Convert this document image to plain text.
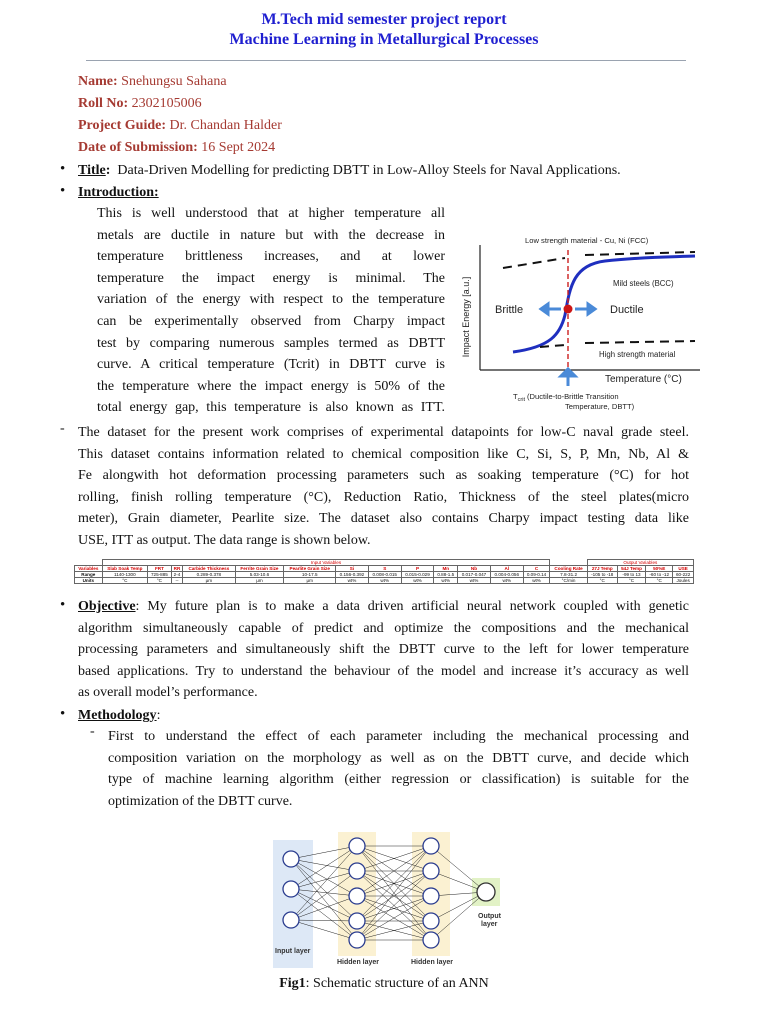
M.Tech mid semester project report
Machine Learning in Metallurgical Processes
Name: Snehungsu Sahana
Roll No: 2302105006
Project Guide: Dr. Chandan Halder
Date of Submission: 16 Sept 2024
• Title: Data-Driven Modelling for predicting DBTT in Low-Alloy Steels for Naval Applications.
• Introduction:
This is well understood that at higher temperature all
metals are ductile in nature but with the decrease in
temperature brittleness increases, and at lower
temperature the impact energy is minimal. The
variation of the energy with respect to the temperature
can be experimentally observed from Charpy impact
test by comparing numerous samples termed as DBTT
curve. A critical temperature (Tcrit) in DBTT curve is
the temperature where the impact energy is 50% of the
total energy gap, this temperature is also known as ITT.
Impact Energy [a.u.]
Low strength material - Cu, Ni (FCC)
Mild steels (BCC)
Brittle	Ductile
High strength material
Temperature (°C)
$T_{crit}$ (Ductile-to-Brittle Transition
Temperature, DBTT)
- The dataset for the present work comprises of experimental datapoints for low-C naval grade steel.
This dataset contains information related to chemical composition like C, Si, S, P, Mn, Nb, Al &
Fe alongwith hot deformation processing parameters such as soaking temperature (°C) for hot
rolling, finish rolling temperature (°C), Reduction Ratio, Thickness of the steel plates(micro
meter), Grain diameter, Pearlite size. The dataset also contains Charpy impact testing data like
USE, ITT as output. The data range is shown below.
	Input Variables														Output Variables			
Variables	Slab Soak Temp	FRT	RR	Carbide Thickness	Ferrite Grain Size	Pearlite Grain Size	Si	S	P	Mn	Nb	Al	C	Cooling Rate	27J Temp	54J Temp	50%E	USE
Range	1140-1300	725-885	2-4	0.289-0.378	5.03-10.6	10-17.5	0.156-0.392	0.008-0.015	0.015-0.029	0.88-1.5	0.017-0.047	0.004-0.056	0.09-0.14	7.8-31.2	-105 to -18	-99 to 13	-60 to -12	60-222
Units	°C	°C	--	μm	μm	μm	wt%	wt%	wt%	wt%	wt%	wt%	wt%	°C/min	°C	°C	°C	Joules
• Objective: My future plan is to make a data driven artificial neural network coupled with genetic
algorithm simultaneously capable of predict and optimize the compositions and the mechanical
processing parameters and simultaneously shift the DBTT curve to the left for lower temperature
based applications. Try to understand the behaviour of the model and increase it’s accuracy as well
as overall model’s performance.
• Methodology:
- First to understand the effect of each parameter including the mechanical processing and
composition variation on the morphology as well as on the DBTT curve, and decide which
type of machine learning algorithm (either regression or classification) is suitable for the
optimization of the DBTT curve.
Input layer
Hidden layer	Hidden layer
Output
layer
Fig1: Schematic structure of an ANN
